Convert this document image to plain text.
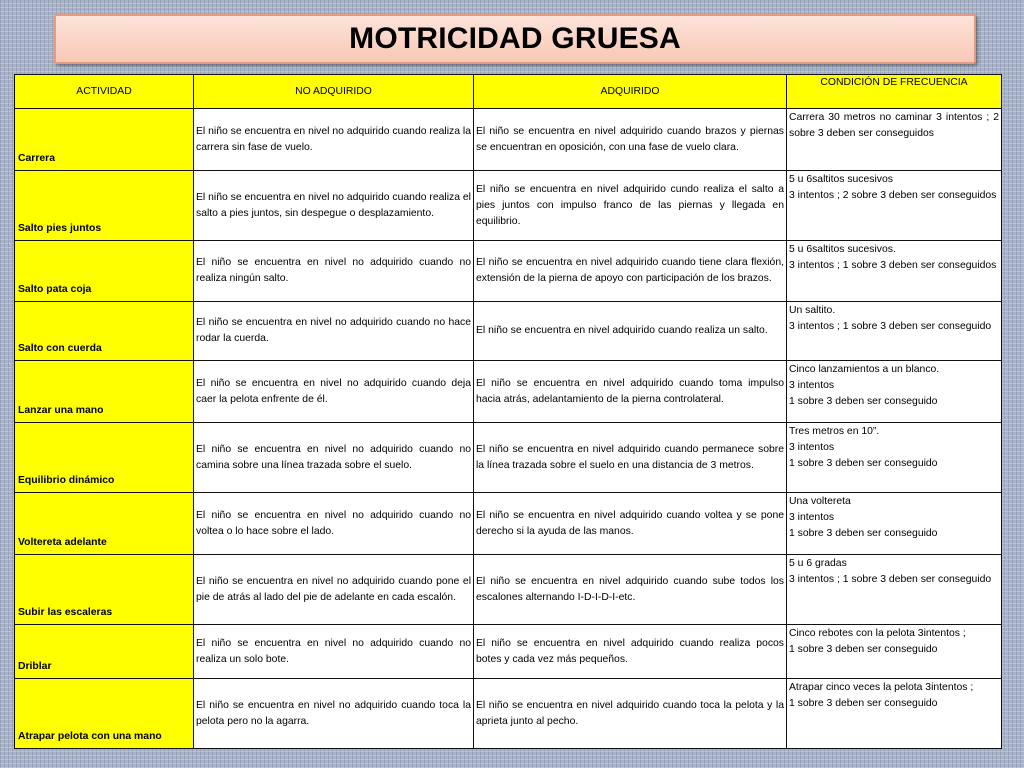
MOTRICIDAD GRUESA
ACTIVIDAD	NO ADQUIRIDO	ADQUIRIDO	CONDICIÓN DE FRECUENCIA
Carrera	El niño se encuentra en nivel no adquirido cuando realiza la carrera sin fase de vuelo.	El niño se encuentra en nivel adquirido cuando brazos y piernas se encuentran en oposición, con una fase de vuelo clara.	Carrera 30 metros no caminar 3 intentos ; 2 sobre 3 deben ser conseguidos

Salto pies juntos	El niño se encuentra en nivel no adquirido cuando realiza el salto a pies juntos, sin despegue o desplazamiento.	El niño se encuentra en nivel adquirido cundo realiza el salto a pies juntos con impulso franco de las piernas y llegada en equilibrio.	5 u 6saltitos sucesivos
3 intentos ; 2 sobre 3 deben ser conseguidos

Salto pata coja	El niño se encuentra en nivel no adquirido cuando no realiza ningún salto.	El niño se encuentra en nivel adquirido cuando tiene clara flexión, extensión de la pierna de apoyo con participación de los brazos.	5 u 6saltitos sucesivos.
3 intentos ; 1 sobre 3 deben ser conseguidos

Salto con cuerda	El niño se encuentra en nivel no adquirido cuando no hace rodar la cuerda.	El niño se encuentra en nivel adquirido cuando realiza un salto.	Un saltito.
3 intentos ; 1 sobre 3 deben ser conseguido

Lanzar una mano	El niño se encuentra en nivel no adquirido cuando deja caer la pelota enfrente de él.	El niño se encuentra en nivel adquirido cuando toma impulso hacia atrás, adelantamiento de la pierna controlateral.	Cinco lanzamientos a un blanco.
3 intentos
1 sobre 3 deben ser conseguido

Equilibrio dinámico	El niño se encuentra en nivel no adquirido cuando no camina sobre una línea trazada sobre el suelo.	El niño se encuentra en nivel adquirido cuando permanece sobre la línea trazada sobre el suelo en una distancia de 3 metros.	Tres metros en 10”.
3 intentos
1 sobre 3 deben ser conseguido

Voltereta adelante	El niño se encuentra en nivel no adquirido cuando no voltea o lo hace sobre el lado.	El niño se encuentra en nivel adquirido cuando voltea y se pone derecho si la ayuda de las manos.	Una voltereta
3 intentos
1 sobre 3 deben ser conseguido

Subir las escaleras	El niño se encuentra en nivel no adquirido cuando pone el pie de atrás al lado del pie de adelante en cada escalón.	El niño se encuentra en nivel adquirido cuando sube todos los escalones alternando I-D-I-D-I-etc.	5 u 6 gradas
3 intentos ; 1 sobre 3 deben ser conseguido

Driblar	El niño se encuentra en nivel no adquirido cuando no realiza un solo bote.	El niño se encuentra en nivel adquirido cuando realiza pocos botes y cada vez más pequeños.	Cinco rebotes con la pelota 3intentos ;
1 sobre 3 deben ser conseguido

Atrapar pelota con una mano	El niño se encuentra en nivel no adquirido cuando toca la pelota pero no la agarra.	El niño se encuentra en nivel adquirido cuando toca la pelota y la aprieta junto al pecho.	Atrapar cinco veces la pelota 3intentos ;
1 sobre 3 deben ser conseguido
